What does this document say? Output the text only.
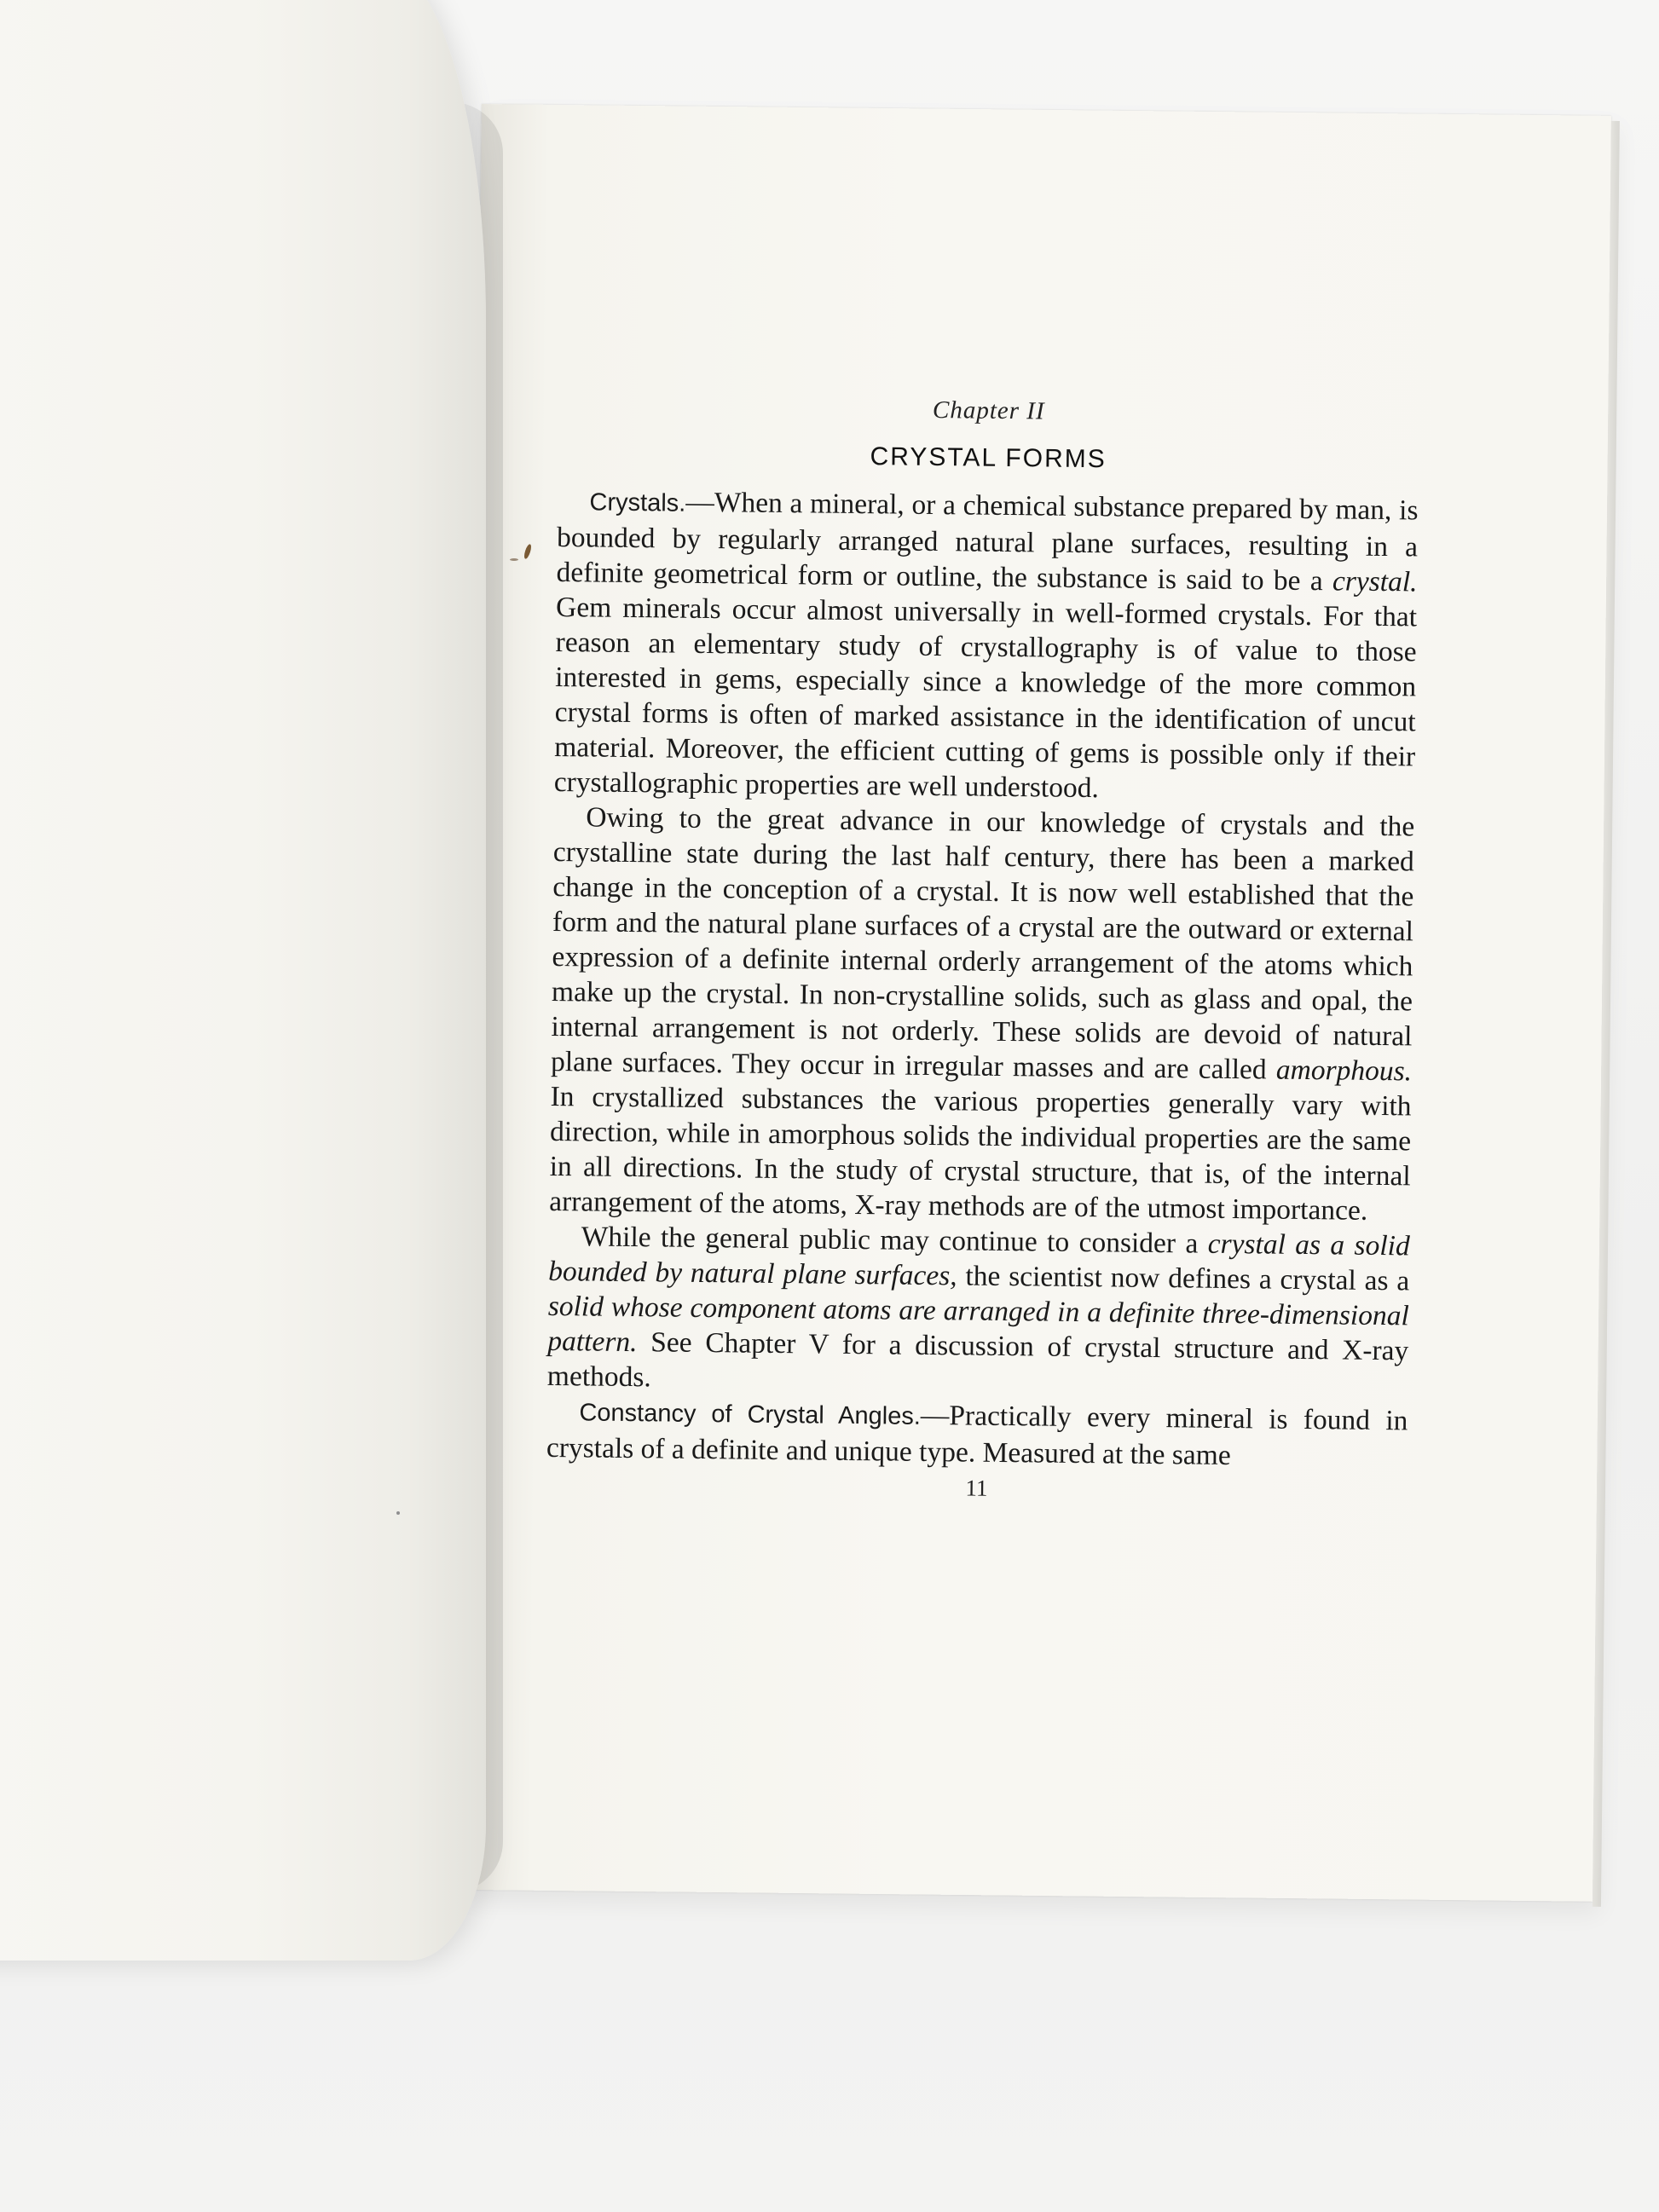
Chapter II
CRYSTAL FORMS

Crystals.—When a mineral, or a chemical substance prepared by man, is bounded by regularly arranged natural plane surfaces, resulting in a definite geometrical form or outline, the substance is said to be a crystal. Gem minerals occur almost universally in well-formed crystals. For that reason an elementary study of crystallography is of value to those interested in gems, especially since a knowledge of the more common crystal forms is often of marked assistance in the identification of uncut material. Moreover, the efficient cutting of gems is possible only if their crystallographic properties are well understood.

Owing to the great advance in our knowledge of crystals and the crystalline state during the last half century, there has been a marked change in the conception of a crystal. It is now well established that the form and the natural plane surfaces of a crystal are the outward or external expression of a definite internal orderly arrangement of the atoms which make up the crystal. In non-crystalline solids, such as glass and opal, the internal arrangement is not orderly. These solids are devoid of natural plane surfaces. They occur in irregular masses and are called amorphous. In crystallized substances the various properties generally vary with direction, while in amorphous solids the individual properties are the same in all directions. In the study of crystal structure, that is, of the internal arrangement of the atoms, X-ray methods are of the utmost importance.

While the general public may continue to consider a crystal as a solid bounded by natural plane surfaces, the scientist now defines a crystal as a solid whose component atoms are arranged in a definite three-dimensional pattern. See Chapter V for a discussion of crystal structure and X-ray methods.

Constancy of Crystal Angles.—Practically every mineral is found in crystals of a definite and unique type. Measured at the same

11
